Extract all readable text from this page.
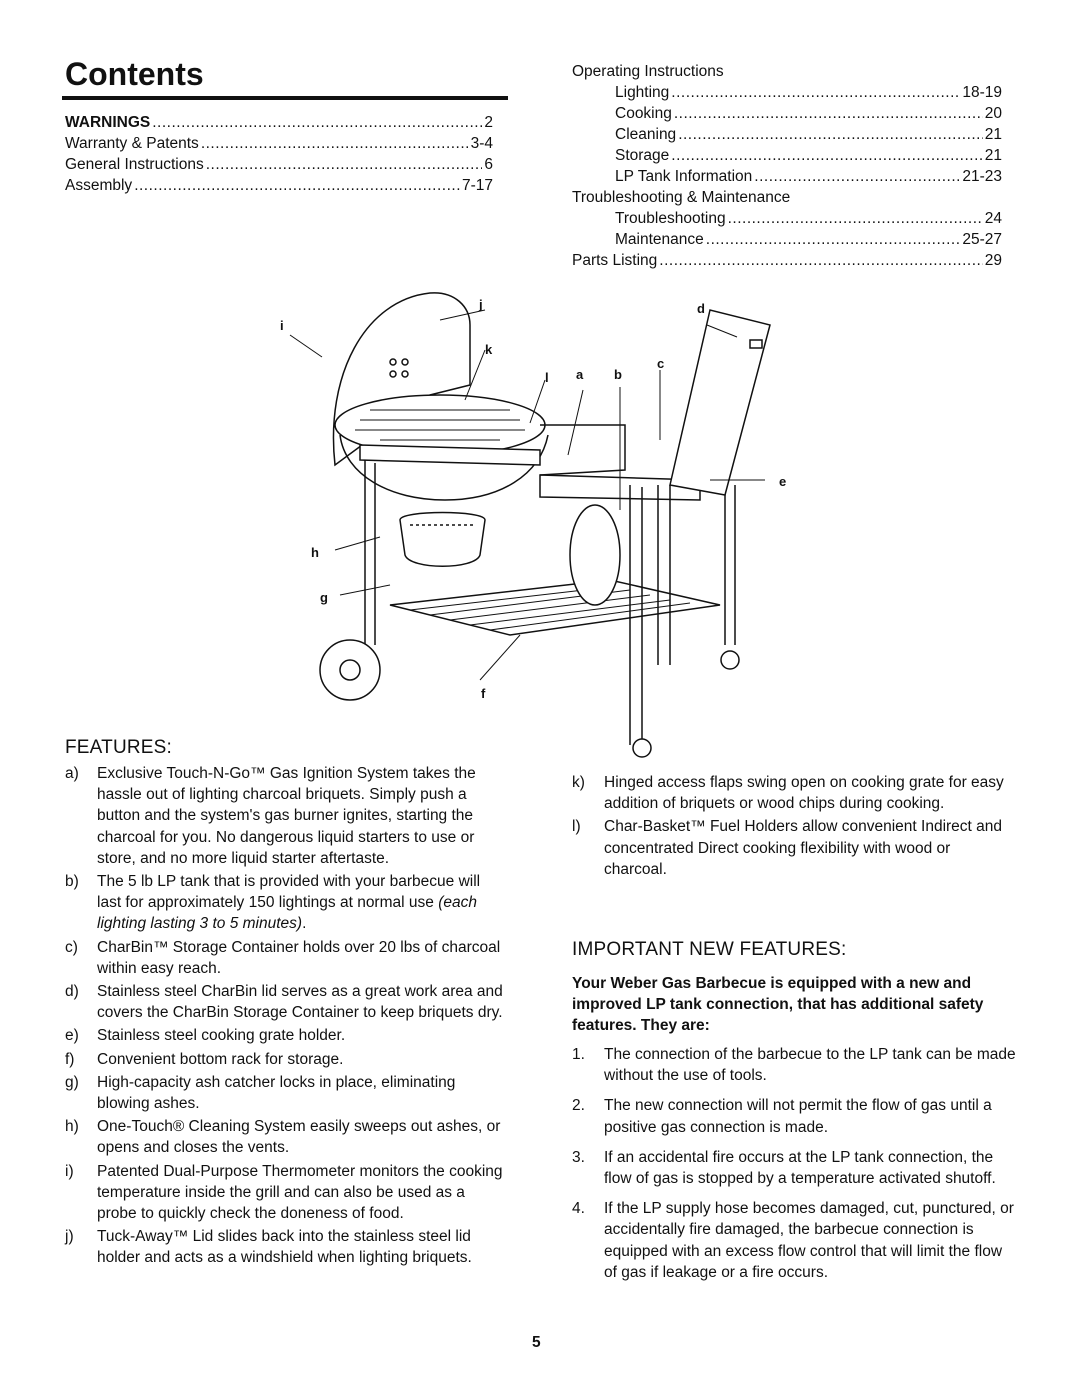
Contents
WARNINGS .....	2
Warranty & Patents .....	3-4
General Instructions .....	6
Assembly .....	7-17
Operating Instructions
Lighting .....	18-19
Cooking .....	20
Cleaning .....	21
Storage .....	21
LP Tank Information .....	21-23
Troubleshooting & Maintenance
Troubleshooting .....	24
Maintenance .....	25-27
Parts Listing .....	29
i
j
k
l a b
c
d
e
f
g
h
FEATURES:
a)	Exclusive Touch-N-Go™ Gas Ignition System takes the hassle out of lighting charcoal briquets. Simply push a button and the system's gas burner ignites, starting the charcoal for you. No dangerous liquid starters to use or store, and no more liquid starter aftertaste.
b)	The 5 lb LP tank that is provided with your barbecue will last for approximately 150 lightings at normal use (each lighting lasting 3 to 5 minutes).
c)	CharBin™ Storage Container holds over 20 lbs of charcoal within easy reach.
d)	Stainless steel CharBin lid serves as a great work area and covers the CharBin Storage Container to keep briquets dry.
e)	Stainless steel cooking grate holder.
f)	Convenient bottom rack for storage.
g)	High-capacity ash catcher locks in place, eliminating blowing ashes.
h)	One-Touch® Cleaning System easily sweeps out ashes, or opens and closes the vents.
i)	Patented Dual-Purpose Thermometer monitors the cooking temperature inside the grill and can also be used as a probe to quickly check the doneness of food.
j)	Tuck-Away™ Lid slides back into the stainless steel lid holder and acts as a windshield when lighting briquets.
k)	Hinged access flaps swing open on cooking grate for easy addition of briquets or wood chips during cooking.
l)	Char-Basket™ Fuel Holders allow convenient Indirect and concentrated Direct cooking flexibility with wood or charcoal.
IMPORTANT NEW FEATURES:
Your Weber Gas Barbecue is equipped with a new and improved LP tank connection, that has additional safety features. They are:
1.	The connection of the barbecue to the LP tank can be made without the use of tools.
2.	The new connection will not permit the flow of gas until a positive gas connection is made.
3.	If an accidental fire occurs at the LP tank connection, the flow of gas is stopped by a temperature activated shutoff.
4.	If the LP supply hose becomes damaged, cut, punctured, or accidentally fire damaged, the barbecue connection is equipped with an excess flow control that will limit the flow of gas if leakage or a fire occurs.
5
